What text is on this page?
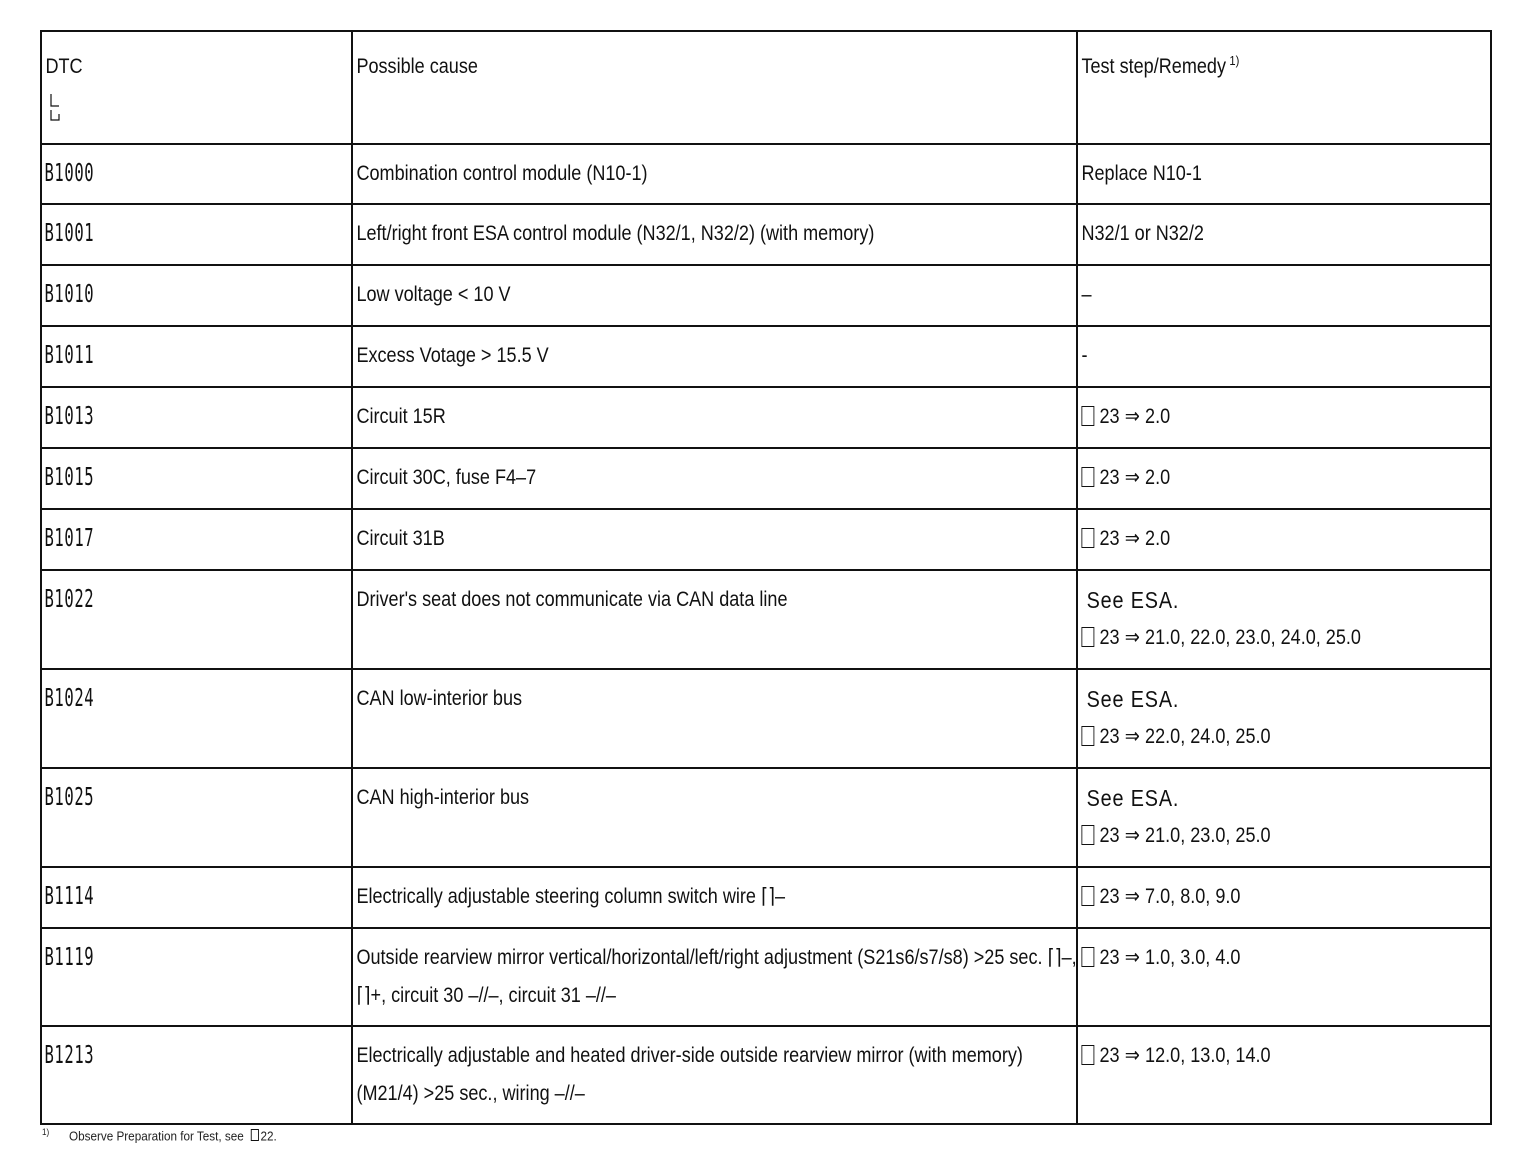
DTC	Possible cause	Test step/Remedy $^{1)}$

B1000	Combination control module (N10-1)	Replace N10-1

B1001	Left/right front ESA control module (N32/1, N32/2) (with memory)	N32/1 or N32/2

B1010	Low voltage < 10 V	–

B1011	Excess Votage > 15.5 V	-

B1013	Circuit 15R	23 ⇒ 2.0

B1015	Circuit 30C, fuse F4–7	23 ⇒ 2.0

B1017	Circuit 31B	23 ⇒ 2.0

B1022	Driver's seat does not communicate via CAN data line	See ESA.
23 ⇒ 21.0, 22.0, 23.0, 24.0, 25.0

B1024	CAN low-interior bus	See ESA.
23 ⇒ 22.0, 24.0, 25.0

B1025	CAN high-interior bus	See ESA.
23 ⇒ 21.0, 23.0, 25.0

B1114	Electrically adjustable steering column switch wire ⌈⌉–	23 ⇒ 7.0, 8.0, 9.0

B1119	Outside rearview mirror vertical/horizontal/left/right adjustment (S21s6/s7/s8) >25 sec. ⌈⌉–, ⌈⌉+, circuit 30 –//–, circuit 31 –//–	23 ⇒ 1.0, 3.0, 4.0

B1213	Electrically adjustable and heated driver-side outside rearview mirror (with memory) (M21/4) >25 sec., wiring –//–	23 ⇒ 12.0, 13.0, 14.0
$^{1)}$ Observe Preparation for Test, see 22.
